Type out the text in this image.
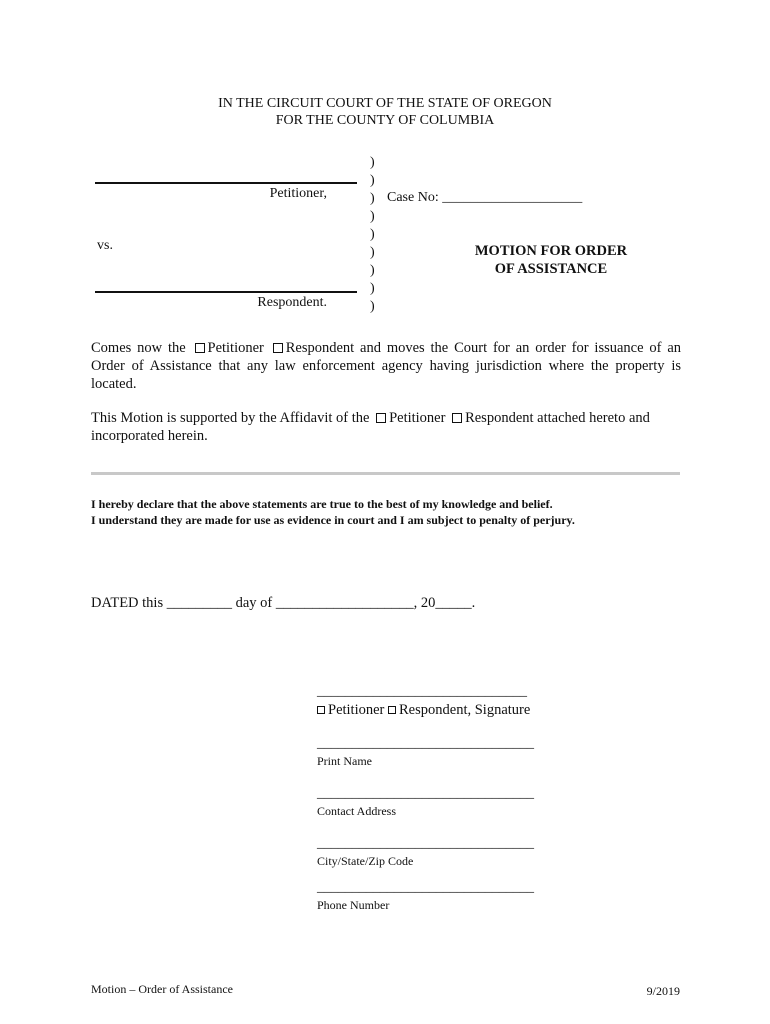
IN THE CIRCUIT COURT OF THE STATE OF OREGON
FOR THE COUNTY OF COLUMBIA
Petitioner,
vs.
Respondent.
)
)
)
)
)
)
)
)
)
Case No: ____________________
MOTION FOR ORDER
OF ASSISTANCE
Comes now the Petitioner Respondent and moves the Court for an order for issuance of an Order of Assistance that any law enforcement agency having jurisdiction where the property is located.
This Motion is supported by the Affidavit of the Petitioner Respondent attached hereto and incorporated herein.
I hereby declare that the above statements are true to the best of my knowledge and belief.
I understand they are made for use as evidence in court and I am subject to penalty of perjury.
DATED this _________ day of ___________________, 20_____.
______________________________
Petitioner Respondent, Signature
_______________________________
Print Name
_______________________________
Contact Address
_______________________________
City/State/Zip Code
_______________________________
Phone Number
Motion – Order of Assistance	9/2019
